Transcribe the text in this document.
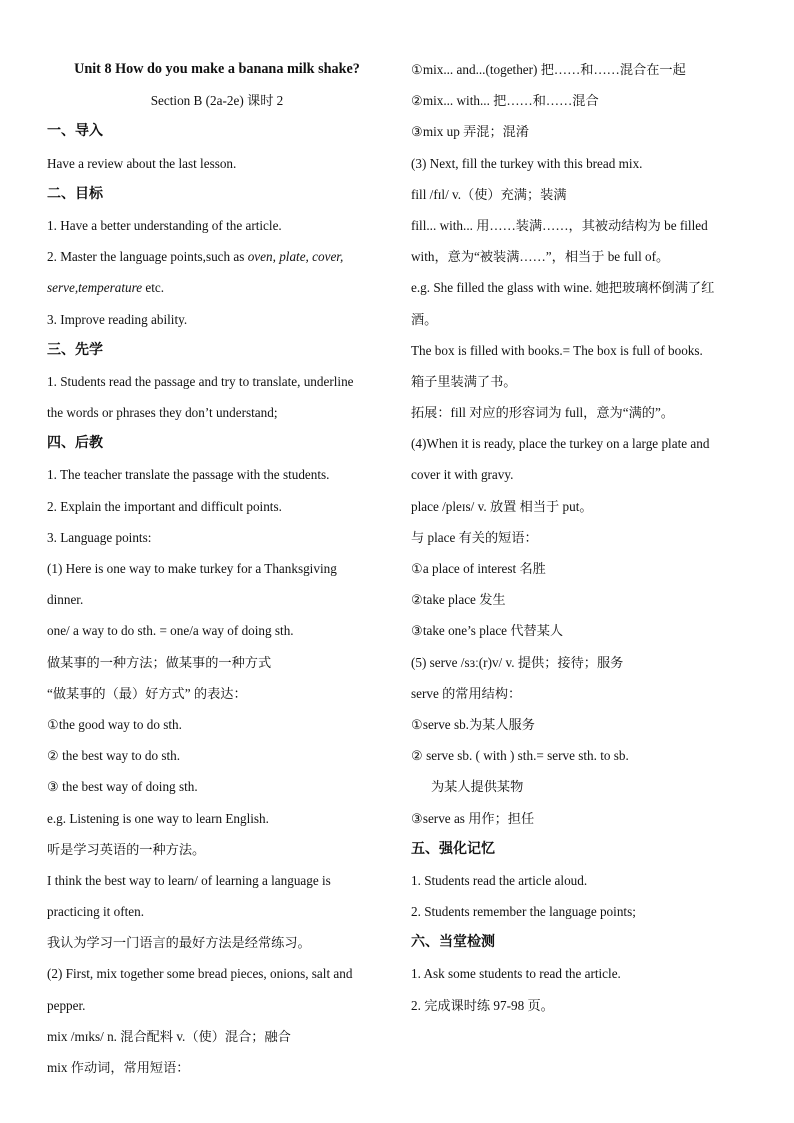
Unit 8 How do you make a banana milk shake?
Section B (2a-2e) 课时 2
一、导入
Have a review about the last lesson.
二、目标
1. Have a better understanding of the article.
2. Master the language points,such as oven, plate, cover,
serve,temperature etc.
3. Improve reading ability.
三、先学
1. Students read the passage and try to translate, underline
the words or phrases they don’t understand;
四、后教
1. The teacher translate the passage with the students.
2. Explain the important and difficult points.
3. Language points:
(1) Here is one way to make turkey for a Thanksgiving
dinner.
one/ a way to do sth. = one/a way of doing sth.
做某事的一种方法；做某事的一种方式
“做某事的（最）好方式” 的表达：
①the good way to do sth.
② the best way to do sth.
③ the best way of doing sth.
e.g. Listening is one way to learn English.
听是学习英语的一种方法。
I think the best way to learn/ of learning a language is
practicing it often.
我认为学习一门语言的最好方法是经常练习。
(2) First, mix together some bread pieces, onions, salt and
pepper.
mix /mɪks/ n. 混合配料 v.（使）混合；融合
mix 作动词，常用短语：
①mix... and...(together) 把……和……混合在一起
②mix... with... 把……和……混合
③mix up 弄混；混淆
(3) Next, fill the turkey with this bread mix.
fill /fɪl/ v.（使）充满；装满
fill... with... 用……装满……，其被动结构为 be filled
with，意为“被装满……”，相当于 be full of。
e.g. She filled the glass with wine. 她把玻璃杯倒满了红
酒。
The box is filled with books.= The box is full of books.
箱子里装满了书。
拓展：fill 对应的形容词为 full，意为“满的”。
(4)When it is ready, place the turkey on a large plate and
cover it with gravy.
place /pleɪs/ v. 放置 相当于 put。
与 place 有关的短语：
①a place of interest 名胜
②take place 发生
③take one’s place 代替某人
(5) serve /sɜː(r)v/ v. 提供；接待；服务
serve 的常用结构：
①serve sb.为某人服务
② serve sb. ( with ) sth.= serve sth. to sb.
为某人提供某物
③serve as 用作；担任
五、强化记忆
1. Students read the article aloud.
2. Students remember the language points;
六、当堂检测
1. Ask some students to read the article.
2. 完成课时练 97-98 页。
